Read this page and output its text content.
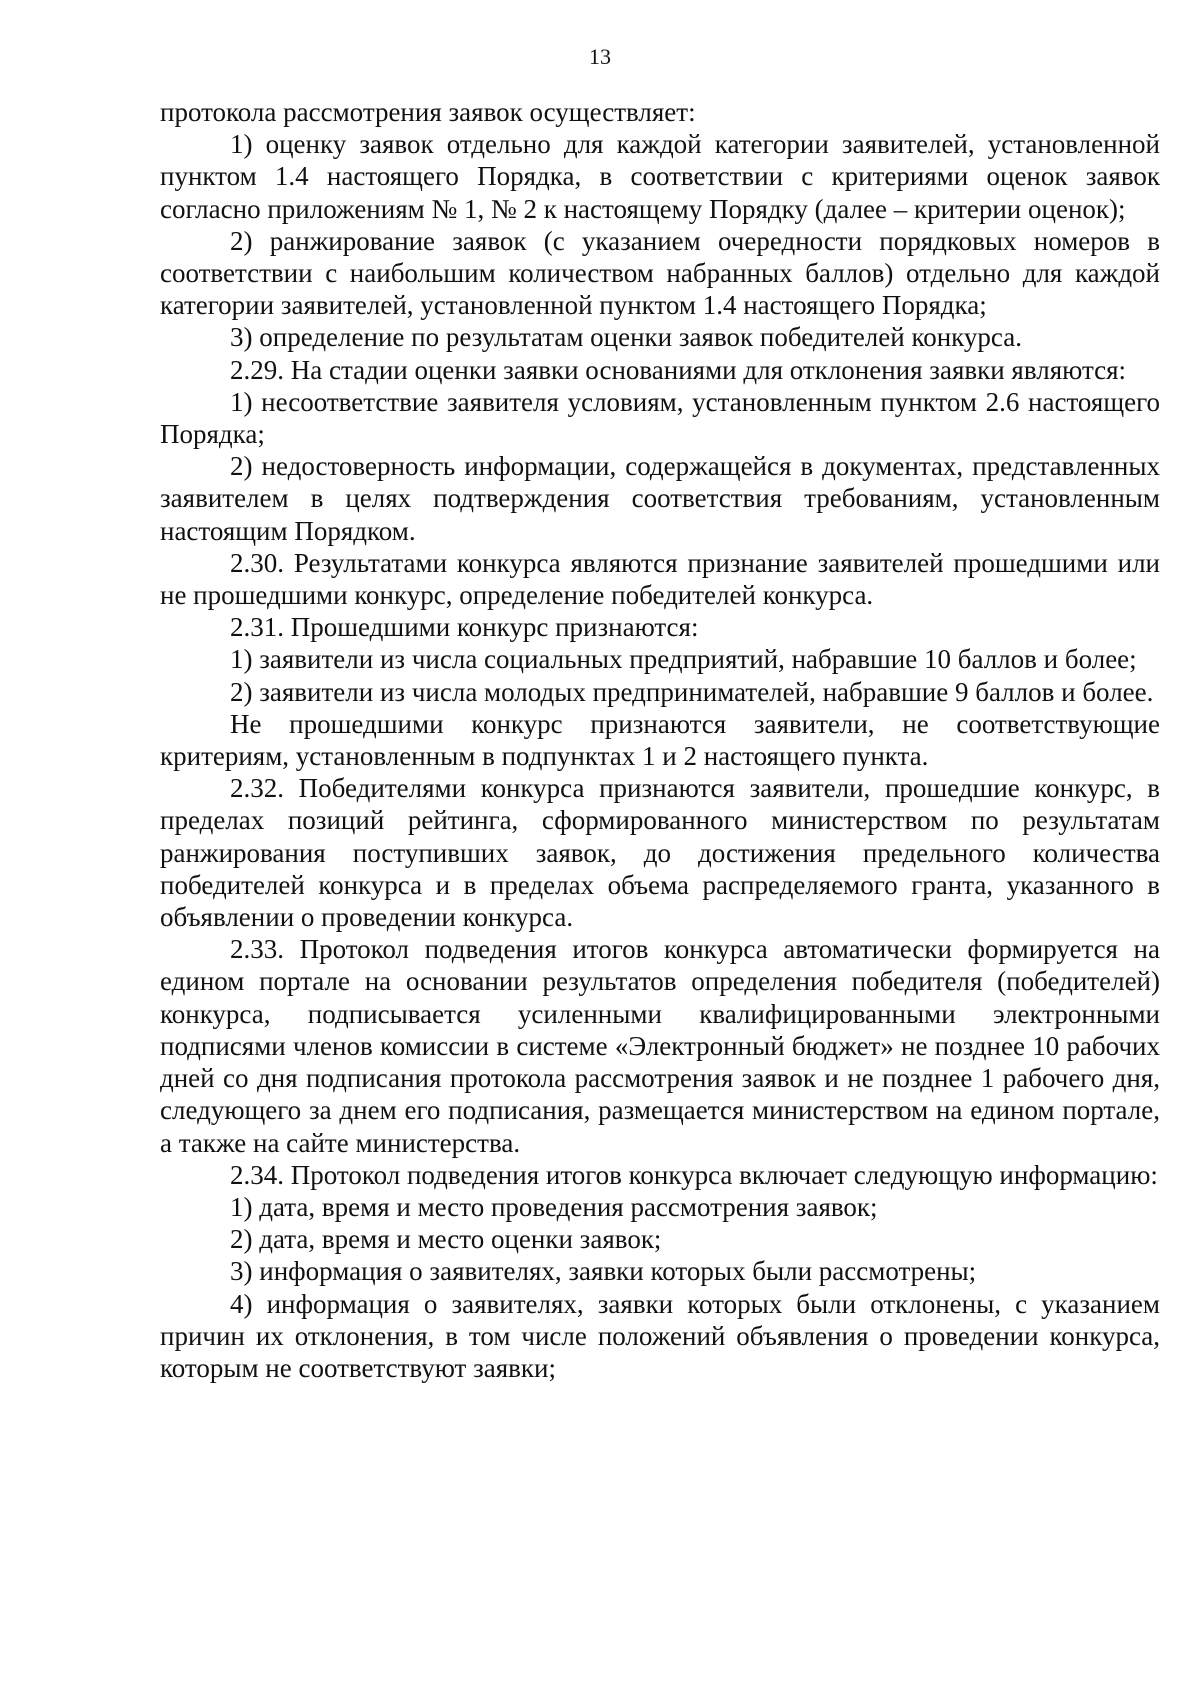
13

протокола рассмотрения заявок осуществляет:

1) оценку заявок отдельно для каждой категории заявителей, установленной пунктом 1.4 настоящего Порядка, в соответствии с критериями оценок заявок согласно приложениям № 1, № 2 к настоящему Порядку (далее – критерии оценок);

2) ранжирование заявок (с указанием очередности порядковых номеров в соответствии с наибольшим количеством набранных баллов) отдельно для каждой категории заявителей, установленной пунктом 1.4 настоящего Порядка;

3) определение по результатам оценки заявок победителей конкурса.

2.29. На стадии оценки заявки основаниями для отклонения заявки являются:

1) несоответствие заявителя условиям, установленным пунктом 2.6 настоящего Порядка;

2) недостоверность информации, содержащейся в документах, представленных заявителем в целях подтверждения соответствия требованиям, установленным настоящим Порядком.

2.30. Результатами конкурса являются признание заявителей прошедшими или не прошедшими конкурс, определение победителей конкурса.

2.31. Прошедшими конкурс признаются:

1) заявители из числа социальных предприятий, набравшие 10 баллов и более;

2) заявители из числа молодых предпринимателей, набравшие 9 баллов и более.

Не прошедшими конкурс признаются заявители, не соответствующие критериям, установленным в подпунктах 1 и 2 настоящего пункта.

2.32. Победителями конкурса признаются заявители, прошедшие конкурс, в пределах позиций рейтинга, сформированного министерством по результатам ранжирования поступивших заявок, до достижения предельного количества победителей конкурса и в пределах объема распределяемого гранта, указанного в объявлении о проведении конкурса.

2.33. Протокол подведения итогов конкурса автоматически формируется на едином портале на основании результатов определения победителя (победителей) конкурса, подписывается усиленными квалифицированными электронными подписями членов комиссии в системе «Электронный бюджет» не позднее 10 рабочих дней со дня подписания протокола рассмотрения заявок и не позднее 1 рабочего дня, следующего за днем его подписания, размещается министерством на едином портале, а также на сайте министерства.

2.34. Протокол подведения итогов конкурса включает следующую информацию:

1) дата, время и место проведения рассмотрения заявок;

2) дата, время и место оценки заявок;

3) информация о заявителях, заявки которых были рассмотрены;

4) информация о заявителях, заявки которых были отклонены, с указанием причин их отклонения, в том числе положений объявления о проведении конкурса, которым не соответствуют заявки;
